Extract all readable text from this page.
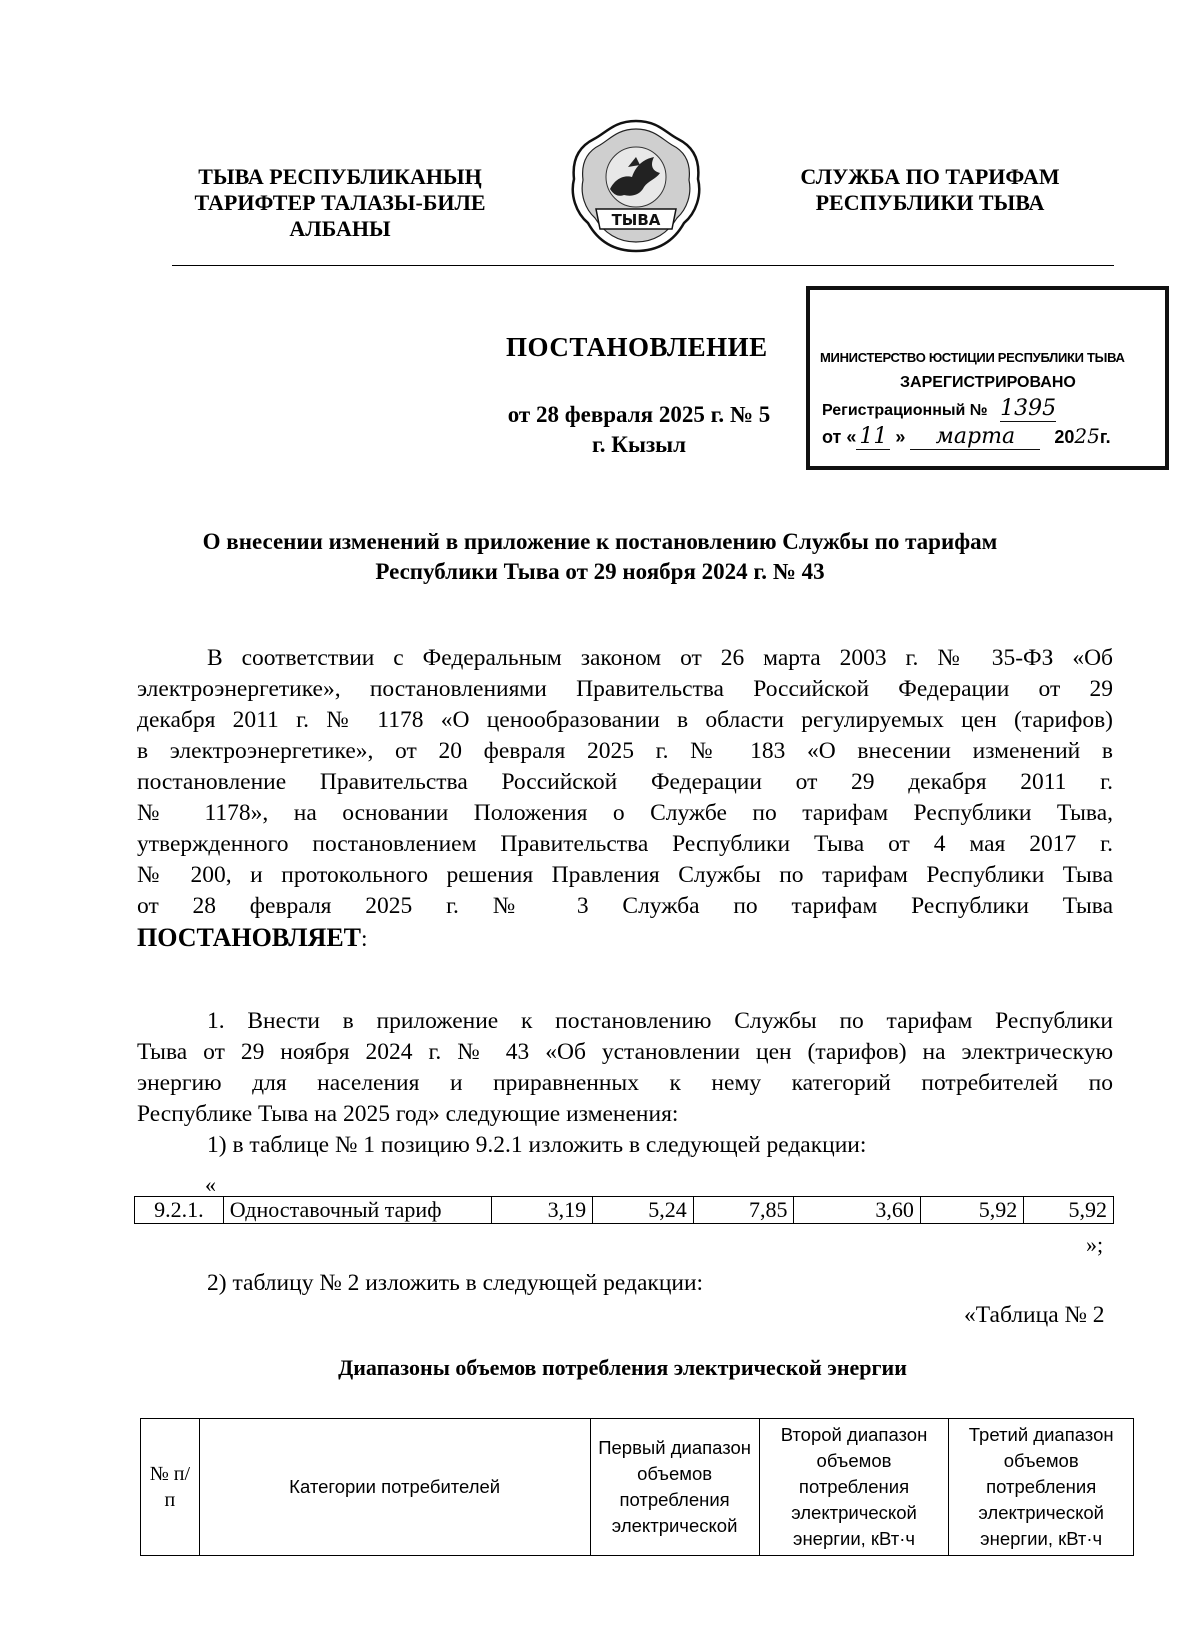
ТЫВА РЕСПУБЛИКАНЫҢ
ТАРИФТЕР ТАЛАЗЫ-БИЛЕ
АЛБАНЫ	ТЫВА
СЛУЖБА ПО ТАРИФАМ
РЕСПУБЛИКИ ТЫВА
ПОСТАНОВЛЕНИЕ
от 28 февраля 2025 г. № 5
г. Кызыл
МИНИСТЕРСТВО ЮСТИЦИИ РЕСПУБЛИКИ ТЫВА
ЗАРЕГИСТРИРОВАНО
Регистрационный № 1395
от « 11 » марта 2025г.
О внесении изменений в приложение к постановлению Службы по тарифам
Республики Тыва от 29 ноября 2024 г. № 43
В соответствии с Федеральным законом от 26 марта 2003 г. № 35-ФЗ «Об
электроэнергетике», постановлениями Правительства Российской Федерации от 29
декабря 2011 г. № 1178 «О ценообразовании в области регулируемых цен (тарифов)
в электроэнергетике», от 20 февраля 2025 г. № 183 «О внесении изменений в
постановление Правительства Российской Федерации от 29 декабря 2011 г.
№ 1178», на основании Положения о Службе по тарифам Республики Тыва,
утвержденного постановлением Правительства Республики Тыва от 4 мая 2017 г.
№ 200, и протокольного решения Правления Службы по тарифам Республики Тыва
от 28 февраля 2025 г. № 3 Служба по тарифам Республики Тыва
ПОСТАНОВЛЯЕТ:
1. Внести в приложение к постановлению Службы по тарифам Республики
Тыва от 29 ноября 2024 г. № 43 «Об установлении цен (тарифов) на электрическую
энергию для населения и приравненных к нему категорий потребителей по
Республике Тыва на 2025 год» следующие изменения:
1) в таблице № 1 позицию 9.2.1 изложить в следующей редакции:
«
9.2.1.	Одноставочный тариф	3,19	5,24	7,85	3,60	5,92	5,92
»;
2) таблицу № 2 изложить в следующей редакции:
«Таблица № 2
Диапазоны объемов потребления электрической энергии
№ п/п	Категории потребителей	Первый диапазон объемов потребления электрической	Второй диапазон объемов потребления электрической энергии, кВт·ч	Третий диапазон объемов потребления электрической энергии, кВт·ч
